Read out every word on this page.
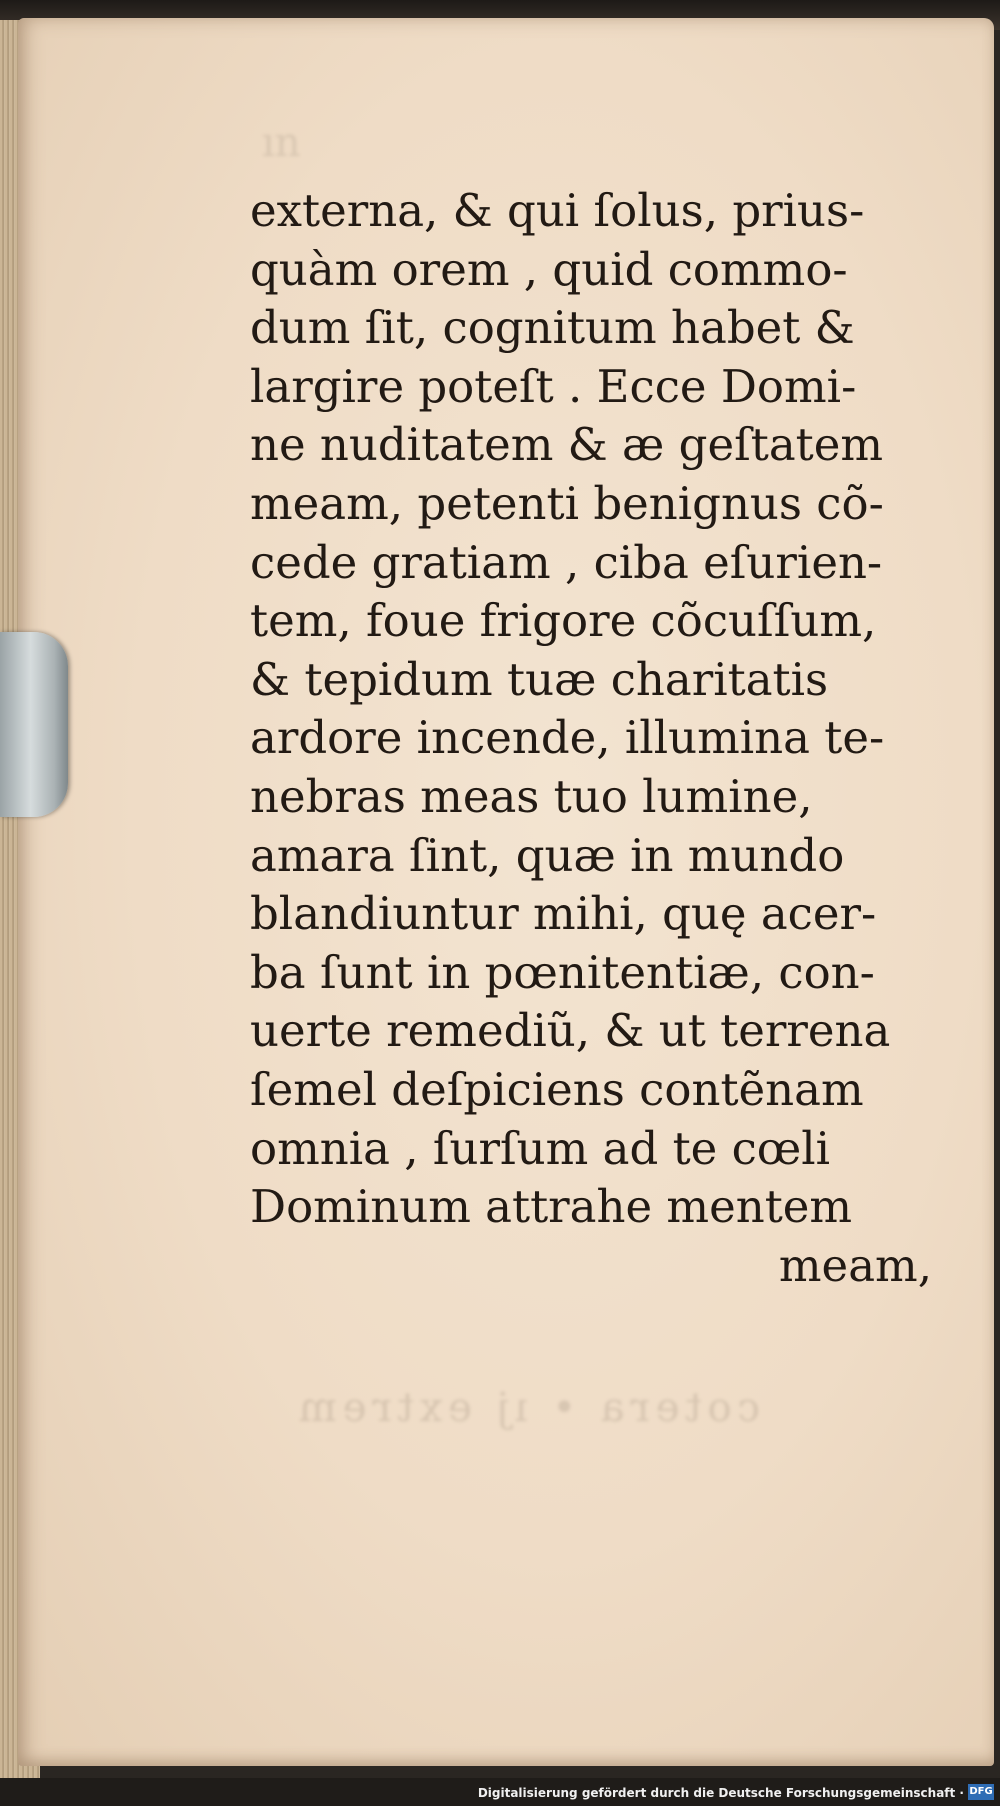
ın
cotera • ıj extrem
externa, & qui ſolus, prius-
quàm orem , quid commo-
dum ſit, cognitum habet &
largire poteſt . Ecce Domi-
ne nuditatem & æ geſtatem
meam, petenti benignus cõ-
cede gratiam , ciba eſurien-
tem, foue frigore cõcuſſum,
& tepidum tuæ charitatis
ardore incende, illumina te-
nebras meas tuo lumine,
amara ſint, quæ in mundo
blandiuntur mihi, quę acer-
ba ſunt in pœnitentiæ, con-
uerte remediũ, & ut terrena
ſemel deſpiciens contẽnam
omnia , ſurſum ad te cœli
Dominum attrahe mentem
meam,
Digitalisierung gefördert durch die Deutsche Forschungsgemeinschaft · DFG
